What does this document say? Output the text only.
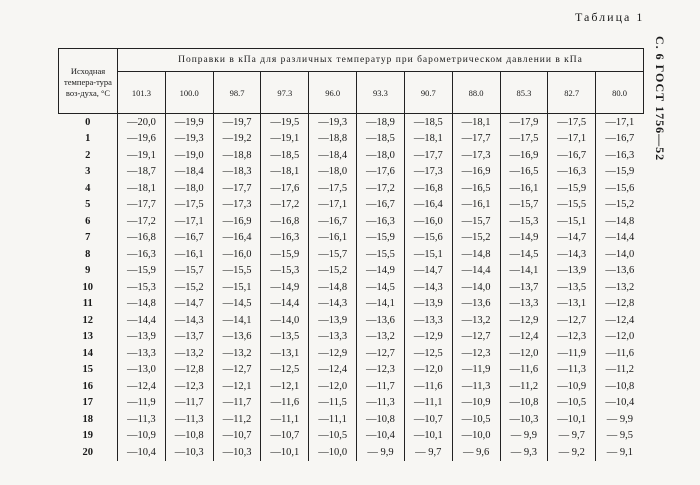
Таблица 1
С. 6 ГОСТ 1756—52
Исходная темпера-тура воз-духа, °С	Поправки в кПа для различных температур при барометрическом давлении в кПа										
	101.3	100.0	98.7	97.3	96.0	93.3	90.7	88.0	85.3	82.7	80.0
0	—20,0	—19,9	—19,7	—19,5	—19,3	—18,9	—18,5	—18,1	—17,9	—17,5	—17,1
1	—19,6	—19,3	—19,2	—19,1	—18,8	—18,5	—18,1	—17,7	—17,5	—17,1	—16,7
2	—19,1	—19,0	—18,8	—18,5	—18,4	—18,0	—17,7	—17,3	—16,9	—16,7	—16,3
3	—18,7	—18,4	—18,3	—18,1	—18,0	—17,6	—17,3	—16,9	—16,5	—16,3	—15,9
4	—18,1	—18,0	—17,7	—17,6	—17,5	—17,2	—16,8	—16,5	—16,1	—15,9	—15,6
5	—17,7	—17,5	—17,3	—17,2	—17,1	—16,7	—16,4	—16,1	—15,7	—15,5	—15,2
6	—17,2	—17,1	—16,9	—16,8	—16,7	—16,3	—16,0	—15,7	—15,3	—15,1	—14,8
7	—16,8	—16,7	—16,4	—16,3	—16,1	—15,9	—15,6	—15,2	—14,9	—14,7	—14,4
8	—16,3	—16,1	—16,0	—15,9	—15,7	—15,5	—15,1	—14,8	—14,5	—14,3	—14,0
9	—15,9	—15,7	—15,5	—15,3	—15,2	—14,9	—14,7	—14,4	—14,1	—13,9	—13,6
10	—15,3	—15,2	—15,1	—14,9	—14,8	—14,5	—14,3	—14,0	—13,7	—13,5	—13,2
11	—14,8	—14,7	—14,5	—14,4	—14,3	—14,1	—13,9	—13,6	—13,3	—13,1	—12,8
12	—14,4	—14,3	—14,1	—14,0	—13,9	—13,6	—13,3	—13,2	—12,9	—12,7	—12,4
13	—13,9	—13,7	—13,6	—13,5	—13,3	—13,2	—12,9	—12,7	—12,4	—12,3	—12,0
14	—13,3	—13,2	—13,2	—13,1	—12,9	—12,7	—12,5	—12,3	—12,0	—11,9	—11,6
15	—13,0	—12,8	—12,7	—12,5	—12,4	—12,3	—12,0	—11,9	—11,6	—11,3	—11,2
16	—12,4	—12,3	—12,1	—12,1	—12,0	—11,7	—11,6	—11,3	—11,2	—10,9	—10,8
17	—11,9	—11,7	—11,7	—11,6	—11,5	—11,3	—11,1	—10,9	—10,8	—10,5	—10,4
18	—11,3	—11,3	—11,2	—11,1	—11,1	—10,8	—10,7	—10,5	—10,3	—10,1	— 9,9
19	—10,9	—10,8	—10,7	—10,7	—10,5	—10,4	—10,1	—10,0	— 9,9	— 9,7	— 9,5
20	—10,4	—10,3	—10,3	—10,1	—10,0	— 9,9	— 9,7	— 9,6	— 9,3	— 9,2	— 9,1
